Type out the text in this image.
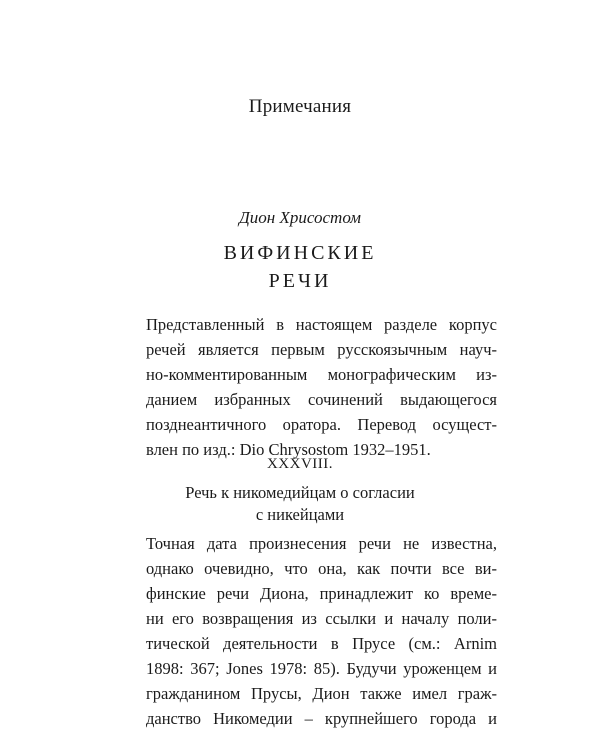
Примечания
Дион Хрисостом
ВИФИНСКИЕ
РЕЧИ
Представленный в настоящем разделе корпус
речей является первым русскоязычным науч-
но-комментированным монографическим из-
данием избранных сочинений выдающегося
позднеантичного оратора. Перевод осущест-
влен по изд.: Dio Chrysostom 1932–1951.
XXXVIII.
Речь к никомедийцам о согласии
с никейцами
Точная дата произнесения речи не известна,
однако очевидно, что она, как почти все ви-
финские речи Диона, принадлежит ко време-
ни его возвращения из ссылки и началу поли-
тической деятельности в Прусе (см.: Arnim
1898: 367; Jones 1978: 85). Будучи уроженцем и
гражданином Прусы, Дион также имел граж-
данство Никомедии – крупнейшего города и
